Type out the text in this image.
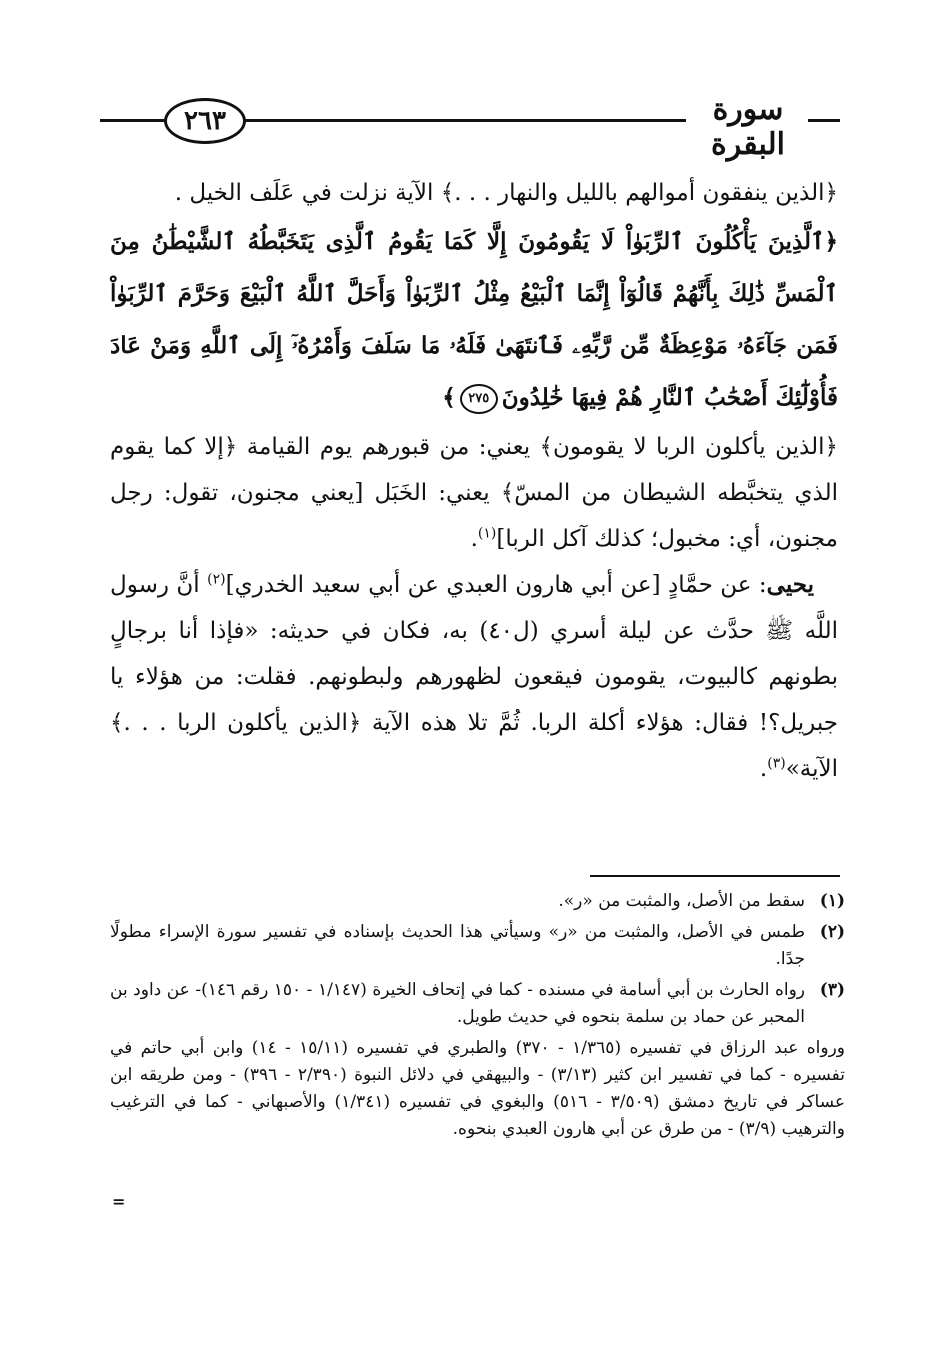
٢٦٣	سورة البقرة

﴿الذين ينفقون أموالهم بالليل والنهار . . .﴾ الآية نزلت في عَلَف الخيل .

﴿ٱلَّذِينَ يَأْكُلُونَ ٱلرِّبَوٰاْ لَا يَقُومُونَ إِلَّا كَمَا يَقُومُ ٱلَّذِى يَتَخَبَّطُهُ ٱلشَّيْطَٰنُ مِنَ ٱلْمَسِّ ذَٰلِكَ بِأَنَّهُمْ قَالُوٓاْ إِنَّمَا ٱلْبَيْعُ مِثْلُ ٱلرِّبَوٰاْ وَأَحَلَّ ٱللَّهُ ٱلْبَيْعَ وَحَرَّمَ ٱلرِّبَوٰاْ فَمَن جَآءَهُۥ مَوْعِظَةٌ مِّن رَّبِّهِۦ فَٱنتَهَىٰ فَلَهُۥ مَا سَلَفَ وَأَمْرُهُۥٓ إِلَى ٱللَّهِ وَمَنْ عَادَ فَأُوْلَٰٓئِكَ أَصْحَٰبُ ٱلنَّارِ هُمْ فِيهَا خَٰلِدُونَ٢٧٥﴾

﴿الذين يأكلون الربا لا يقومون﴾ يعني: من قبورهم يوم القيامة ﴿إلا كما يقوم الذي يتخبَّطه الشيطان من المسّ﴾ يعني: الخَبَل [يعني مجنون، تقول: رجل مجنون، أي: مخبول؛ كذلك آكل الربا]$^{(١)}$.

يحيى: عن حمَّادٍ [عن أبي هارون العبدي عن أبي سعيد الخدري]$^{(٢)}$ أنَّ رسول اللَّه ﷺ حدَّث عن ليلة أسري (ل٤٠) به، فكان في حديثه: «فإذا أنا برجالٍ بطونهم كالبيوت، يقومون فيقعون لظهورهم ولبطونهم. فقلت: من هؤلاء يا جبريل؟! فقال: هؤلاء أكلة الربا. ثُمَّ تلا هذه الآية ﴿الذين يأكلون الربا . . .﴾ الآية»$^{(٣)}$.

(١)
سقط من الأصل، والمثبت من «ر».

(٢)
طمس في الأصل، والمثبت من «ر» وسيأتي هذا الحديث بإسناده في تفسير سورة الإسراء مطولًا جدًا.

(٣)
رواه الحارث بن أبي أسامة في مسنده - كما في إتحاف الخيرة (١/١٤٧ - ١٥٠ رقم ١٤٦)- عن داود بن المحبر عن حماد بن سلمة بنحوه في حديث طويل.

ورواه عبد الرزاق في تفسيره (١/٣٦٥ - ٣٧٠) والطبري في تفسيره (١٥/١١ - ١٤) وابن أبي حاتم في تفسيره - كما في تفسير ابن كثير (٣/١٣) - والبيهقي في دلائل النبوة (٢/٣٩٠ - ٣٩٦) - ومن طريقه ابن عساكر في تاريخ دمشق (٣/٥٠٩ - ٥١٦) والبغوي في تفسيره (١/٣٤١) والأصبهاني - كما في الترغيب والترهيب (٣/٩) - من طرق عن أبي هارون العبدي بنحوه.

=
